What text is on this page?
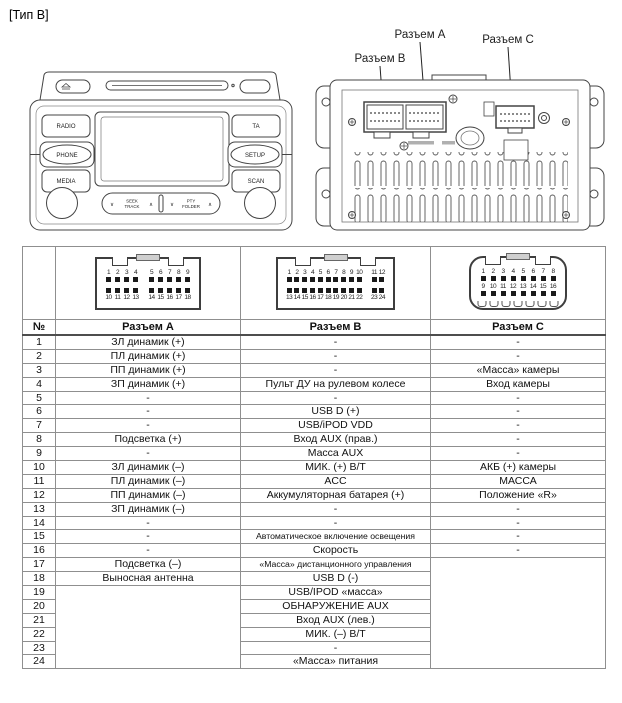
[Тип В]
RADIO
PHONE
MEDIA
TA
SETUP
SCAN
∨
SEEK
TRACK ∧	∨
PTY
FOLDER ∧
Разъем А	Разъем C
Разъем B

1 2 3 4 5 6 7 8 9
10 11 12 13 14 15 16 17 18

1 2 3 4 5 6 7 8 9 10 11 12
13 14 15 16 17 18 19 20 21 22 23 24

1 2 3 4 5 6 7 8
9 10 11 12 13 14 15 16

№	Разъем А	Разъем B	Разъем C
1	ЗЛ динамик (+)	-	-
2	ПЛ динамик (+)	-	-
3	ПП динамик (+)	-	«Масса» камеры
4	ЗП динамик (+)	Пульт ДУ на рулевом колесе	Вход камеры
5	-	-	-
6	-	USB D (+)	-
7	-	USB/iPOD VDD	-
8	Подсветка (+)	Вход AUX (прав.)	-
9	-	Масса AUX	-
10	ЗЛ динамик (–)	МИК. (+) В/Т	АКБ (+) камеры
11	ПЛ динамик (–)	ACC	МАССА
12	ПП динамик (–)	Аккумуляторная батарея (+)	Положение «R»
13	ЗП динамик (–)	-	-
14	-	-	-
15	-	Автоматическое включение освещения	-
16	-	Скорость	-
17	Подсветка (–)	«Масса» дистанционного управления	
18	Выносная антенна	USB D (-)	
19		USB/IPOD «масса»	
20		ОБНАРУЖЕНИЕ AUX	
21		Вход AUX (лев.)	
22		МИК. (–) В/Т	
23		-	
24		«Масса» питания	
